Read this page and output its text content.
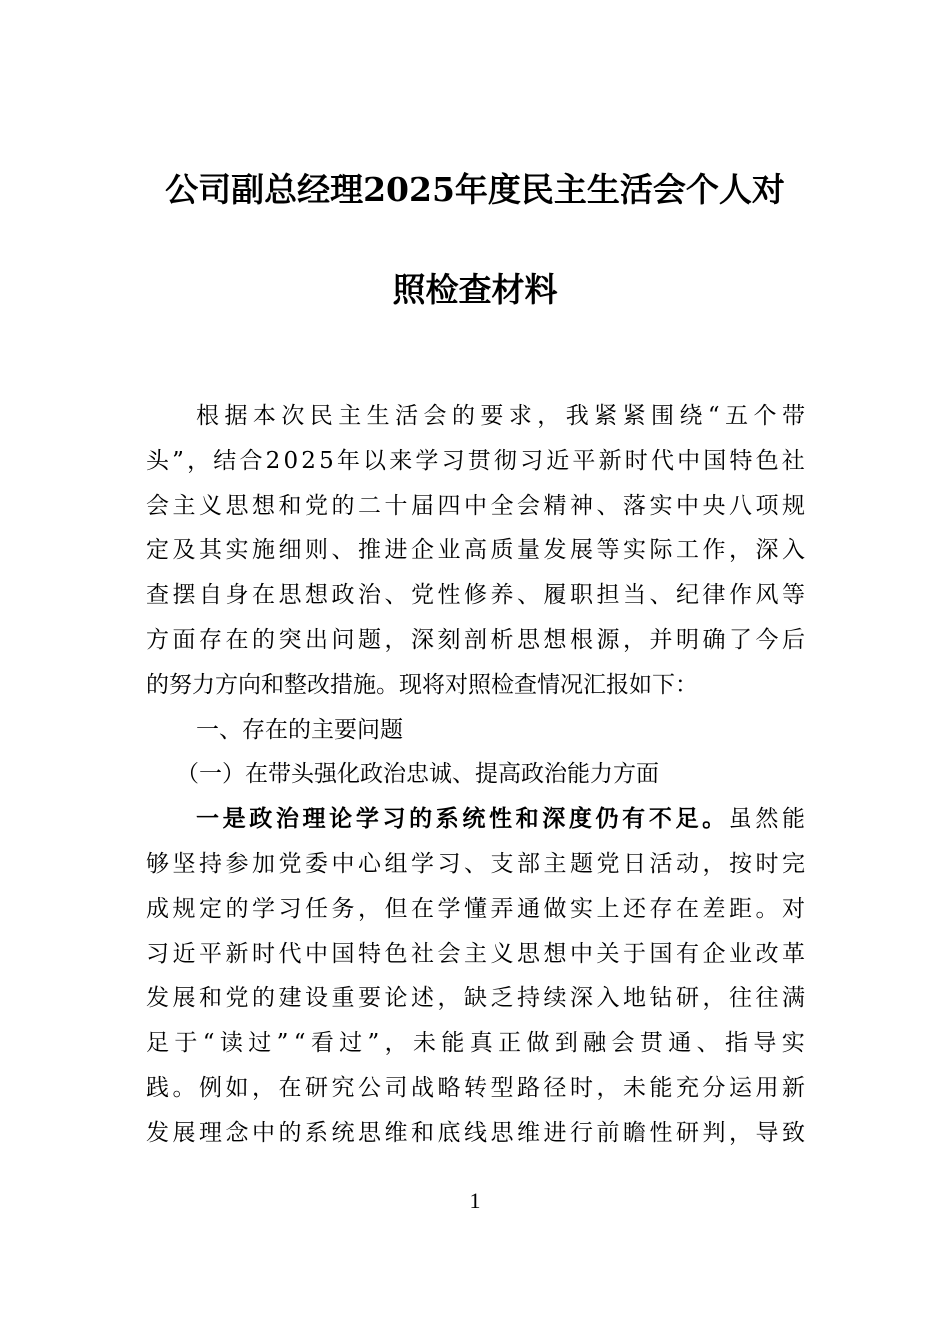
公司副总经理2025年度民主生活会个人对
照检查材料
根 据 本 次 民 主 生 活 会 的 要 求 ， 我 紧 紧 围 绕 “ 五 个 带
头 ” ， 结 合 2 0 2 5 年 以 来 学 习 贯 彻 习 近 平 新 时 代 中 国 特 色 社
会 主 义 思 想 和 党 的 二 十 届 四 中 全 会 精 神 、 落 实 中 央 八 项 规
定 及 其 实 施 细 则 、 推 进 企 业 高 质 量 发 展 等 实 际 工 作 ， 深 入
查 摆 自 身 在 思 想 政 治 、 党 性 修 养 、 履 职 担 当 、 纪 律 作 风 等
方 面 存 在 的 突 出 问 题 ， 深 刻 剖 析 思 想 根 源 ， 并 明 确 了 今 后
的努力方向和整改措施。现将对照检查情况汇报如下：
一、存在的主要问题
（一）在带头强化政治忠诚、提高政治能力方面
一是政治理论学习的系统性和深度仍有不足。虽然能
够 坚 持 参 加 党 委 中 心 组 学 习 、 支 部 主 题 党 日 活 动 ， 按 时 完
成 规 定 的 学 习 任 务 ， 但 在 学 懂 弄 通 做 实 上 还 存 在 差 距 。 对
习 近 平 新 时 代 中 国 特 色 社 会 主 义 思 想 中 关 于 国 有 企 业 改 革
发 展 和 党 的 建 设 重 要 论 述 ， 缺 乏 持 续 深 入 地 钻 研 ， 往 往 满
足 于 “ 读 过 ” “ 看 过 ” ， 未 能 真 正 做 到 融 会 贯 通 、 指 导 实
践 。 例 如 ， 在 研 究 公 司 战 略 转 型 路 径 时 ， 未 能 充 分 运 用 新
发 展 理 念 中 的 系 统 思 维 和 底 线 思 维 进 行 前 瞻 性 研 判 ， 导 致
1
